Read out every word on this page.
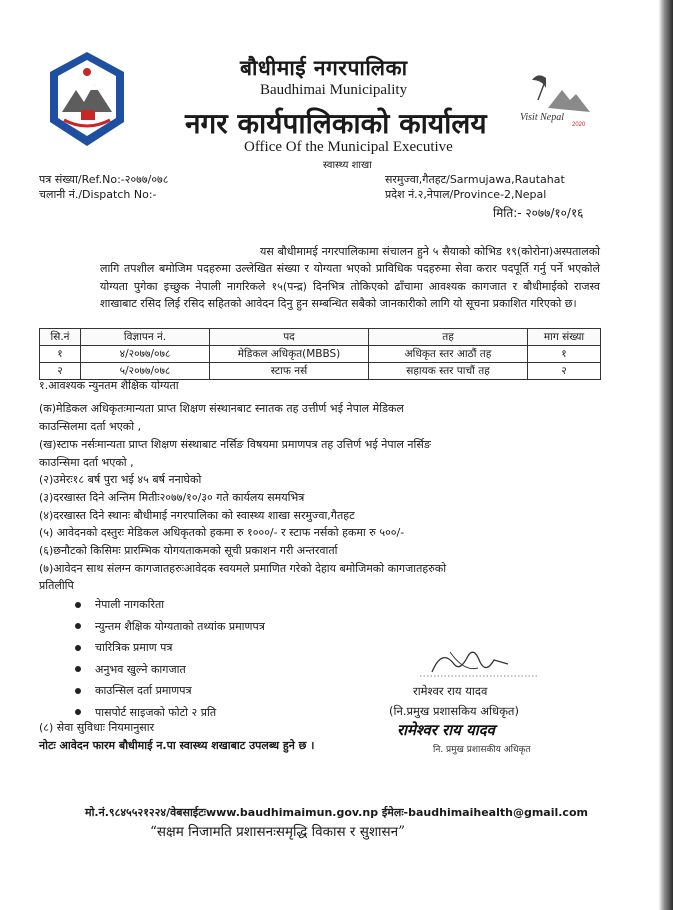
Visit Nepal
2020
बौधीमाई नगरपालिका
Baudhimai Municipality
नगर कार्यपालिकाको कार्यालय
Office Of the Municipal Executive
स्वास्थ्य शाखा
पत्र संख्या/Ref.No:-२०७७/०७८
चलानी नं./Dispatch No:-
सरमुज्वा,गैतहट/Sarmujawa,Rautahat
प्रदेश नं.२,नेपाल/Province-2,Nepal
मिति:- २०७७/१०/१६
यस बौधीमामई नगरपालिकामा संचालन हुने ५ सैयाको कोभिड १९(कोरोना)अस्पतालको लागि तपशील बमोजिम पदहरुमा उल्लेखित संख्या र योग्यता भएको प्राविधिक पदहरुमा सेवा करार पदपूर्ति गर्नु पर्ने भएकोले योग्यता पुगेका इच्छुक नेपाली नागरिकले १५(पन्द्र) दिनभित्र तोकिएको ढाँचामा आवश्यक कागजात र बौधीमाईको राजस्व शाखाबाट रसिद लिई रसिद सहितको आवेदन दिनु हुन सम्बन्धित सबैको जानकारीको लागि यो सूचना प्रकाशित गरिएको छ।
सि.नं	विज्ञापन नं.	पद	तह	माग संख्या
१	४/२०७७/०७८	मेडिकल अधिकृत(MBBS)	अधिकृत स्तर आठौं तह	१
२	५/२०७७/०७८	स्टाफ नर्स	सहायक स्तर पाचौं तह	२
१.आवश्यक न्युनतम शैक्षिक योग्यता
(क)मेडिकल अधिकृतःमान्यता प्राप्त शिक्षण संस्थानबाट स्नातक तह उत्तीर्ण भई नेपाल मेडिकल
काउन्सिलमा दर्ता भएको ,
(ख)स्टाफ नर्सःमान्यता प्राप्त शिक्षण संस्थाबाट नर्सिङ विषयमा प्रमाणपत्र तह उत्तिर्ण भई नेपाल नर्सिङ
काउन्सिमा दर्ता भएको ,
(२)उमेरः१८ बर्ष पुरा भई ४५ बर्ष ननाघेको
(३)दरखास्त दिने अन्तिम मितीः२०७७/१०/३० गते कार्यलय समयभित्र
(४)दरखास्त दिने स्थानः बौधीमाई नगरपालिका को स्वास्थ्य शाखा सरमुज्वा,गैतहट
(५) आवेदनको दस्तुरः मेडिकल अधिकृतको हकमा रु १०००/- र स्टाफ नर्सको हकमा रु ५००/-
(६)छनौटको किसिमः प्रारम्भिक योगयताकमको सूची प्रकाशन गरी अन्तरवार्ता
(७)आवेदन साथ संलग्न कागजातहरुःआवेदक स्वयमले प्रमाणित गरेको देहाय बमोजिमको कागजातहरुको
प्रतिलीपि
नेपाली नागकरिता
न्युन्तम शैक्षिक योग्यताको तथ्यांक प्रमाणपत्र
चारित्रिक प्रमाण पत्र
अनुभव खुल्ने कागजात
काउन्सिल दर्ता प्रमाणपत्र
पासपोर्ट साइजको फोटो २ प्रति
(८) सेवा सुविधाः नियमानुसार
नोटः आवेदन फारम बौधीमाई न.पा स्वास्थ्य शखाबाट उपलब्ध हुने छ ।
रामेश्वर राय यादव
(नि.प्रमुख प्रशासकिय अधिकृत)
रामेश्वर राय यादव
नि. प्रमुख प्रशासकीय अधिकृत
मो.नं.९८४५५२१२२४/वेबसाईटःwww.baudhimaimun.gov.np ईमेलः-baudhimaihealth@gmail.com
“सक्षम निजामति प्रशासनःसमृद्धि विकास र सुशासन”
